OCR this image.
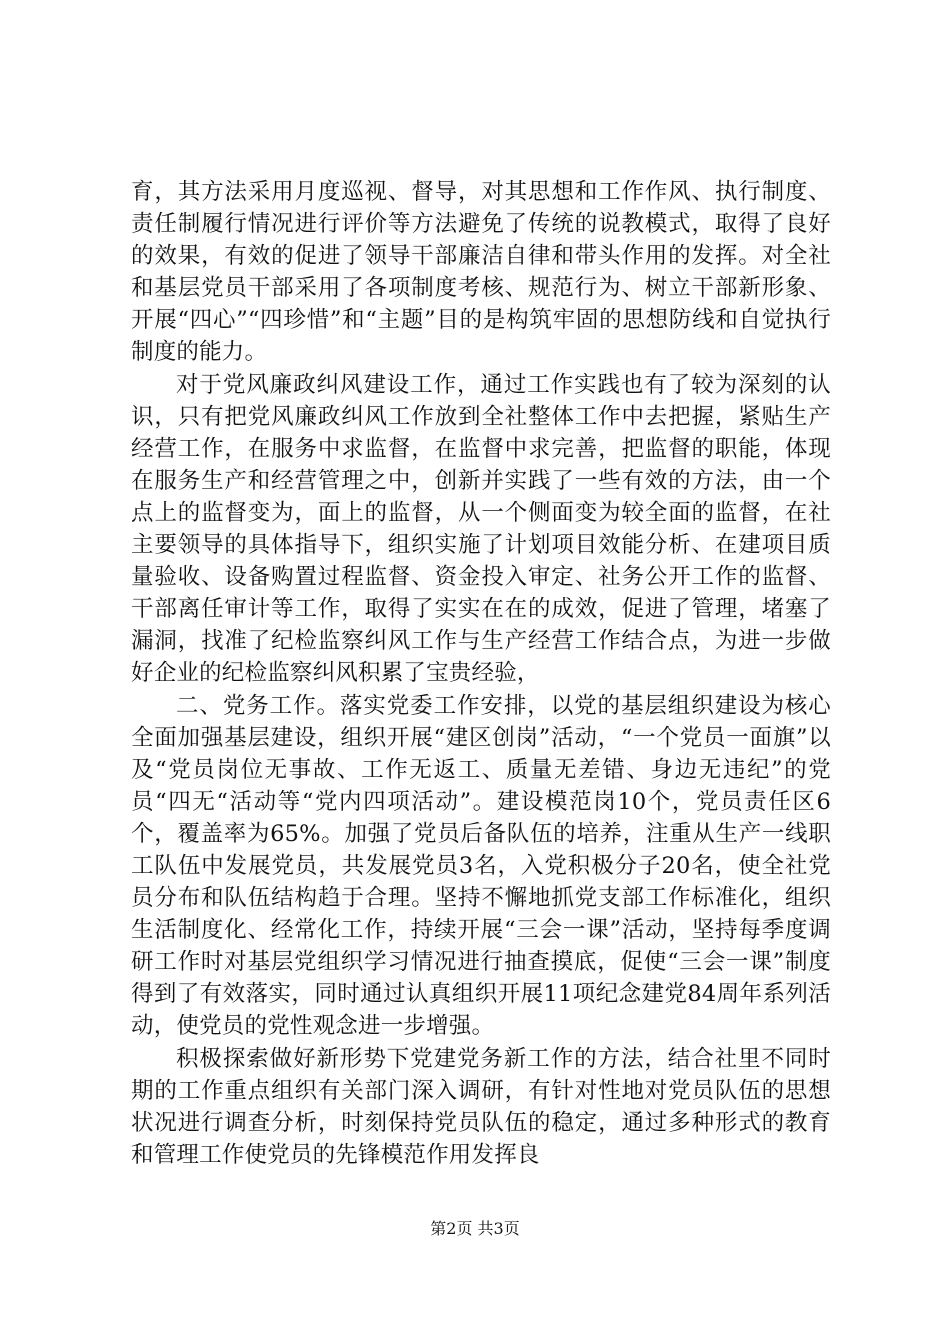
育，其方法采用月度巡视、督导，对其思想和工作作风、执行制度、责任制履行情况进行评价等方法避免了传统的说教模式，取得了良好的效果，有效的促进了领导干部廉洁自律和带头作用的发挥。对全社和基层党员干部采用了各项制度考核、规范行为、树立干部新形象、开展“四心”“四珍惜”和“主题”目的是构筑牢固的思想防线和自觉执行制度的能力。

对于党风廉政纠风建设工作，通过工作实践也有了较为深刻的认识，只有把党风廉政纠风工作放到全社整体工作中去把握，紧贴生产经营工作，在服务中求监督，在监督中求完善，把监督的职能，体现在服务生产和经营管理之中，创新并实践了一些有效的方法，由一个点上的监督变为，面上的监督，从一个侧面变为较全面的监督，在社主要领导的具体指导下，组织实施了计划项目效能分析、在建项目质量验收、设备购置过程监督、资金投入审定、社务公开工作的监督、干部离任审计等工作，取得了实实在在的成效，促进了管理，堵塞了漏洞，找准了纪检监察纠风工作与生产经营工作结合点，为进一步做好企业的纪检监察纠风积累了宝贵经验，

二、党务工作。落实党委工作安排，以党的基层组织建设为核心全面加强基层建设，组织开展“建区创岗”活动，“一个党员一面旗”以及“党员岗位无事故、工作无返工、质量无差错、身边无违纪”的党员“四无“活动等“党内四项活动”。建设模范岗10个，党员责任区6个，覆盖率为65%。加强了党员后备队伍的培养，注重从生产一线职工队伍中发展党员，共发展党员3名，入党积极分子20名，使全社党员分布和队伍结构趋于合理。坚持不懈地抓党支部工作标准化，组织生活制度化、经常化工作，持续开展“三会一课”活动，坚持每季度调研工作时对基层党组织学习情况进行抽查摸底，促使“三会一课”制度得到了有效落实，同时通过认真组织开展11项纪念建党84周年系列活动，使党员的党性观念进一步增强。

积极探索做好新形势下党建党务新工作的方法，结合社里不同时期的工作重点组织有关部门深入调研，有针对性地对党员队伍的思想状况进行调查分析，时刻保持党员队伍的稳定，通过多种形式的教育和管理工作使党员的先锋模范作用发挥良

第2页 共3页
